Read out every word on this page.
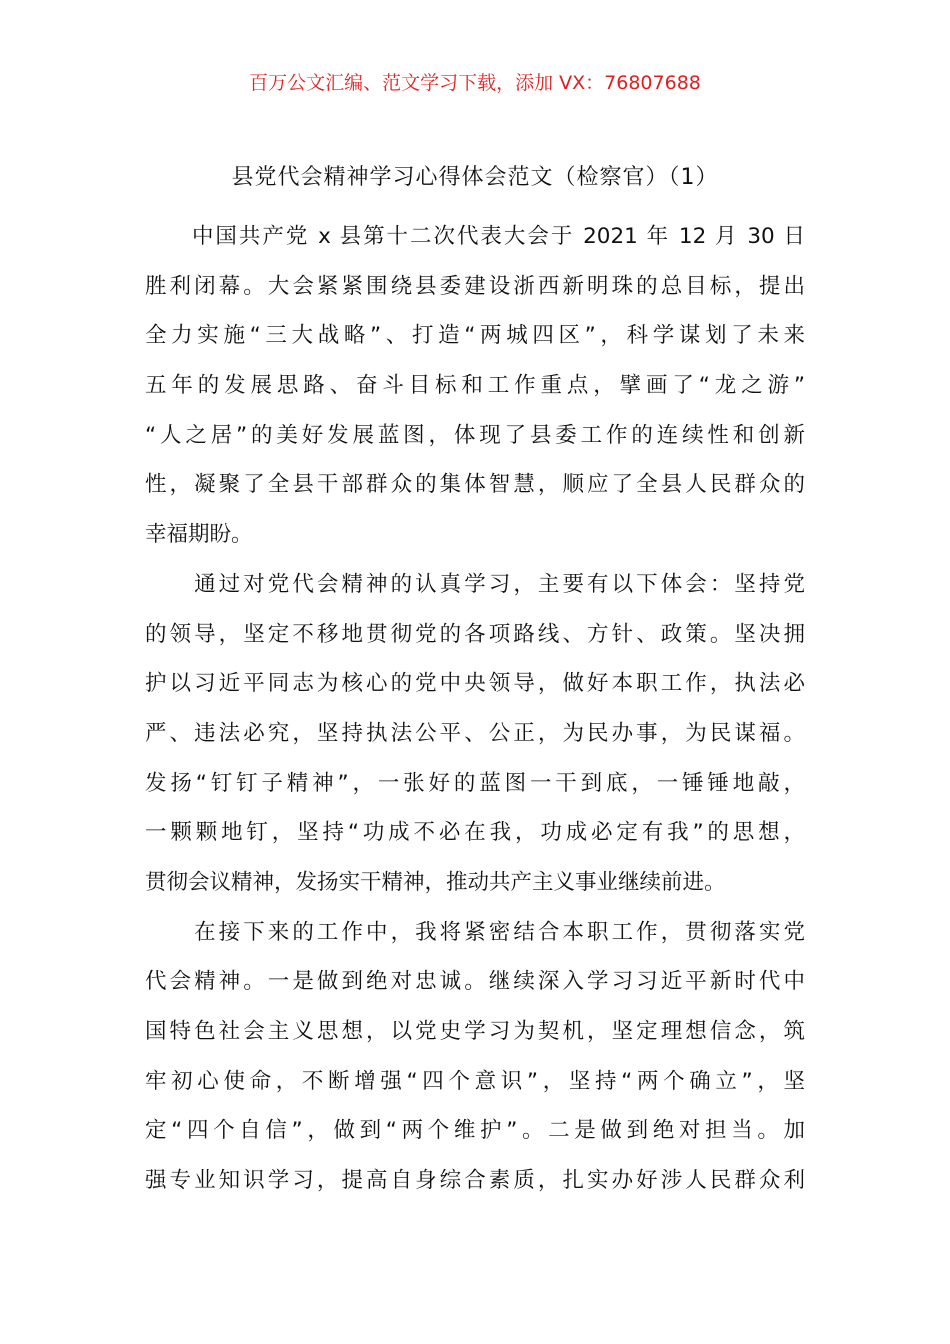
百万公文汇编、范文学习下载，添加 VX：76807688
县党代会精神学习心得体会范文（检察官）（1）
　　中国共产党 x 县第十二次代表大会于 2021 年 12 月 30 日
胜利闭幕。大会紧紧围绕县委建设浙西新明珠的总目标，提出
全力实施“三大战略”、打造“两城四区”，科学谋划了未来
五年的发展思路、奋斗目标和工作重点，擘画了“龙之游”
“人之居”的美好发展蓝图，体现了县委工作的连续性和创新
性，凝聚了全县干部群众的集体智慧，顺应了全县人民群众的
幸福期盼。
　　通过对党代会精神的认真学习，主要有以下体会：坚持党
的领导，坚定不移地贯彻党的各项路线、方针、政策。坚决拥
护以习近平同志为核心的党中央领导，做好本职工作，执法必
严、违法必究，坚持执法公平、公正，为民办事，为民谋福。
发扬“钉钉子精神”，一张好的蓝图一干到底，一锤锤地敲，
一颗颗地钉，坚持“功成不必在我，功成必定有我”的思想，
贯彻会议精神，发扬实干精神，推动共产主义事业继续前进。
　　在接下来的工作中，我将紧密结合本职工作，贯彻落实党
代会精神。一是做到绝对忠诚。继续深入学习习近平新时代中
国特色社会主义思想，以党史学习为契机，坚定理想信念，筑
牢初心使命，不断增强“四个意识”，坚持“两个确立”，坚
定“四个自信”，做到“两个维护”。二是做到绝对担当。加
强专业知识学习，提高自身综合素质，扎实办好涉人民群众利
